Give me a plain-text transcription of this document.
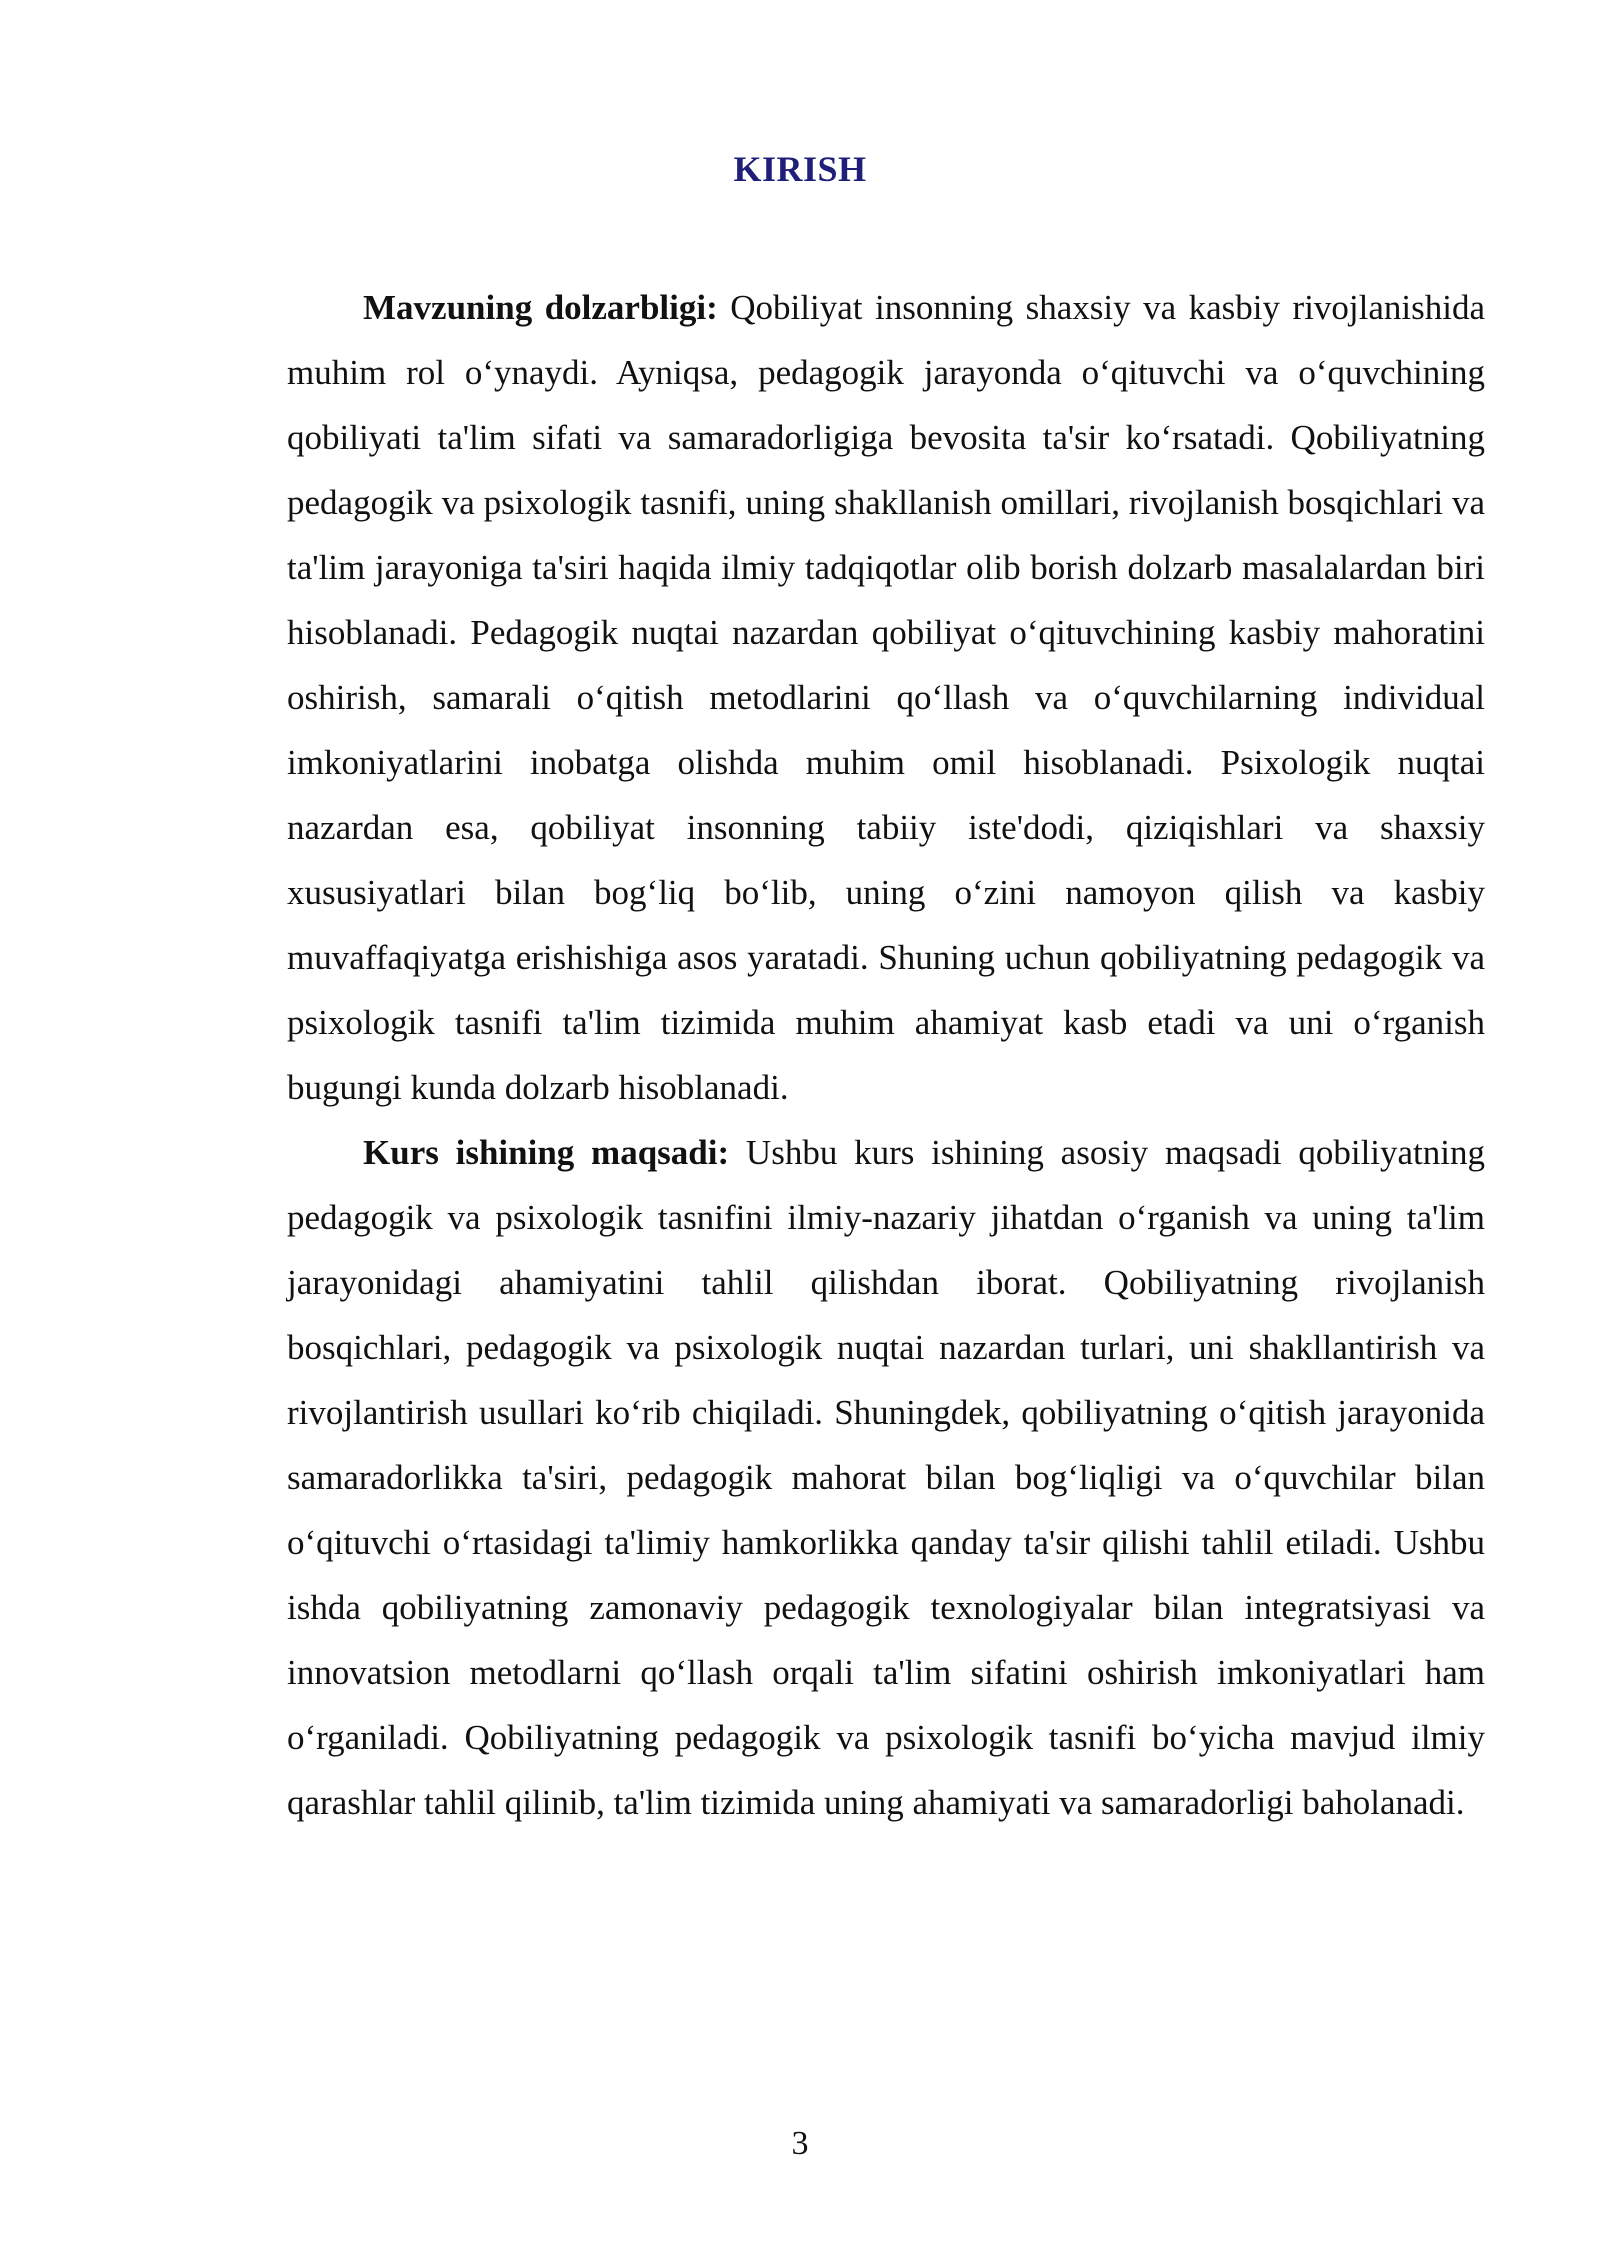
KIRISH

Mavzuning dolzarbligi: Qobiliyat insonning shaxsiy va kasbiy rivojlanishida muhim rol oʻynaydi. Ayniqsa, pedagogik jarayonda oʻqituvchi va oʻquvchining qobiliyati ta'lim sifati va samaradorligiga bevosita ta'sir koʻrsatadi. Qobiliyatning pedagogik va psixologik tasnifi, uning shakllanish omillari, rivojlanish bosqichlari va ta'lim jarayoniga ta'siri haqida ilmiy tadqiqotlar olib borish dolzarb masalalardan biri hisoblanadi. Pedagogik nuqtai nazardan qobiliyat oʻqituvchining kasbiy mahoratini oshirish, samarali oʻqitish metodlarini qoʻllash va oʻquvchilarning individual imkoniyatlarini inobatga olishda muhim omil hisoblanadi. Psixologik nuqtai nazardan esa, qobiliyat insonning tabiiy iste'dodi, qiziqishlari va shaxsiy xususiyatlari bilan bogʻliq boʻlib, uning oʻzini namoyon qilish va kasbiy muvaffaqiyatga erishishiga asos yaratadi. Shuning uchun qobiliyatning pedagogik va psixologik tasnifi ta'lim tizimida muhim ahamiyat kasb etadi va uni oʻrganish bugungi kunda dolzarb hisoblanadi.

Kurs ishining maqsadi: Ushbu kurs ishining asosiy maqsadi qobiliyatning pedagogik va psixologik tasnifini ilmiy-nazariy jihatdan oʻrganish va uning ta'lim jarayonidagi ahamiyatini tahlil qilishdan iborat. Qobiliyatning rivojlanish bosqichlari, pedagogik va psixologik nuqtai nazardan turlari, uni shakllantirish va rivojlantirish usullari koʻrib chiqiladi. Shuningdek, qobiliyatning oʻqitish jarayonida samaradorlikka ta'siri, pedagogik mahorat bilan bogʻliqligi va oʻquvchilar bilan oʻqituvchi oʻrtasidagi ta'limiy hamkorlikka qanday ta'sir qilishi tahlil etiladi. Ushbu ishda qobiliyatning zamonaviy pedagogik texnologiyalar bilan integratsiyasi va innovatsion metodlarni qoʻllash orqali ta'lim sifatini oshirish imkoniyatlari ham oʻrganiladi. Qobiliyatning pedagogik va psixologik tasnifi boʻyicha mavjud ilmiy qarashlar tahlil qilinib, ta'lim tizimida uning ahamiyati va samaradorligi baholanadi.

3
